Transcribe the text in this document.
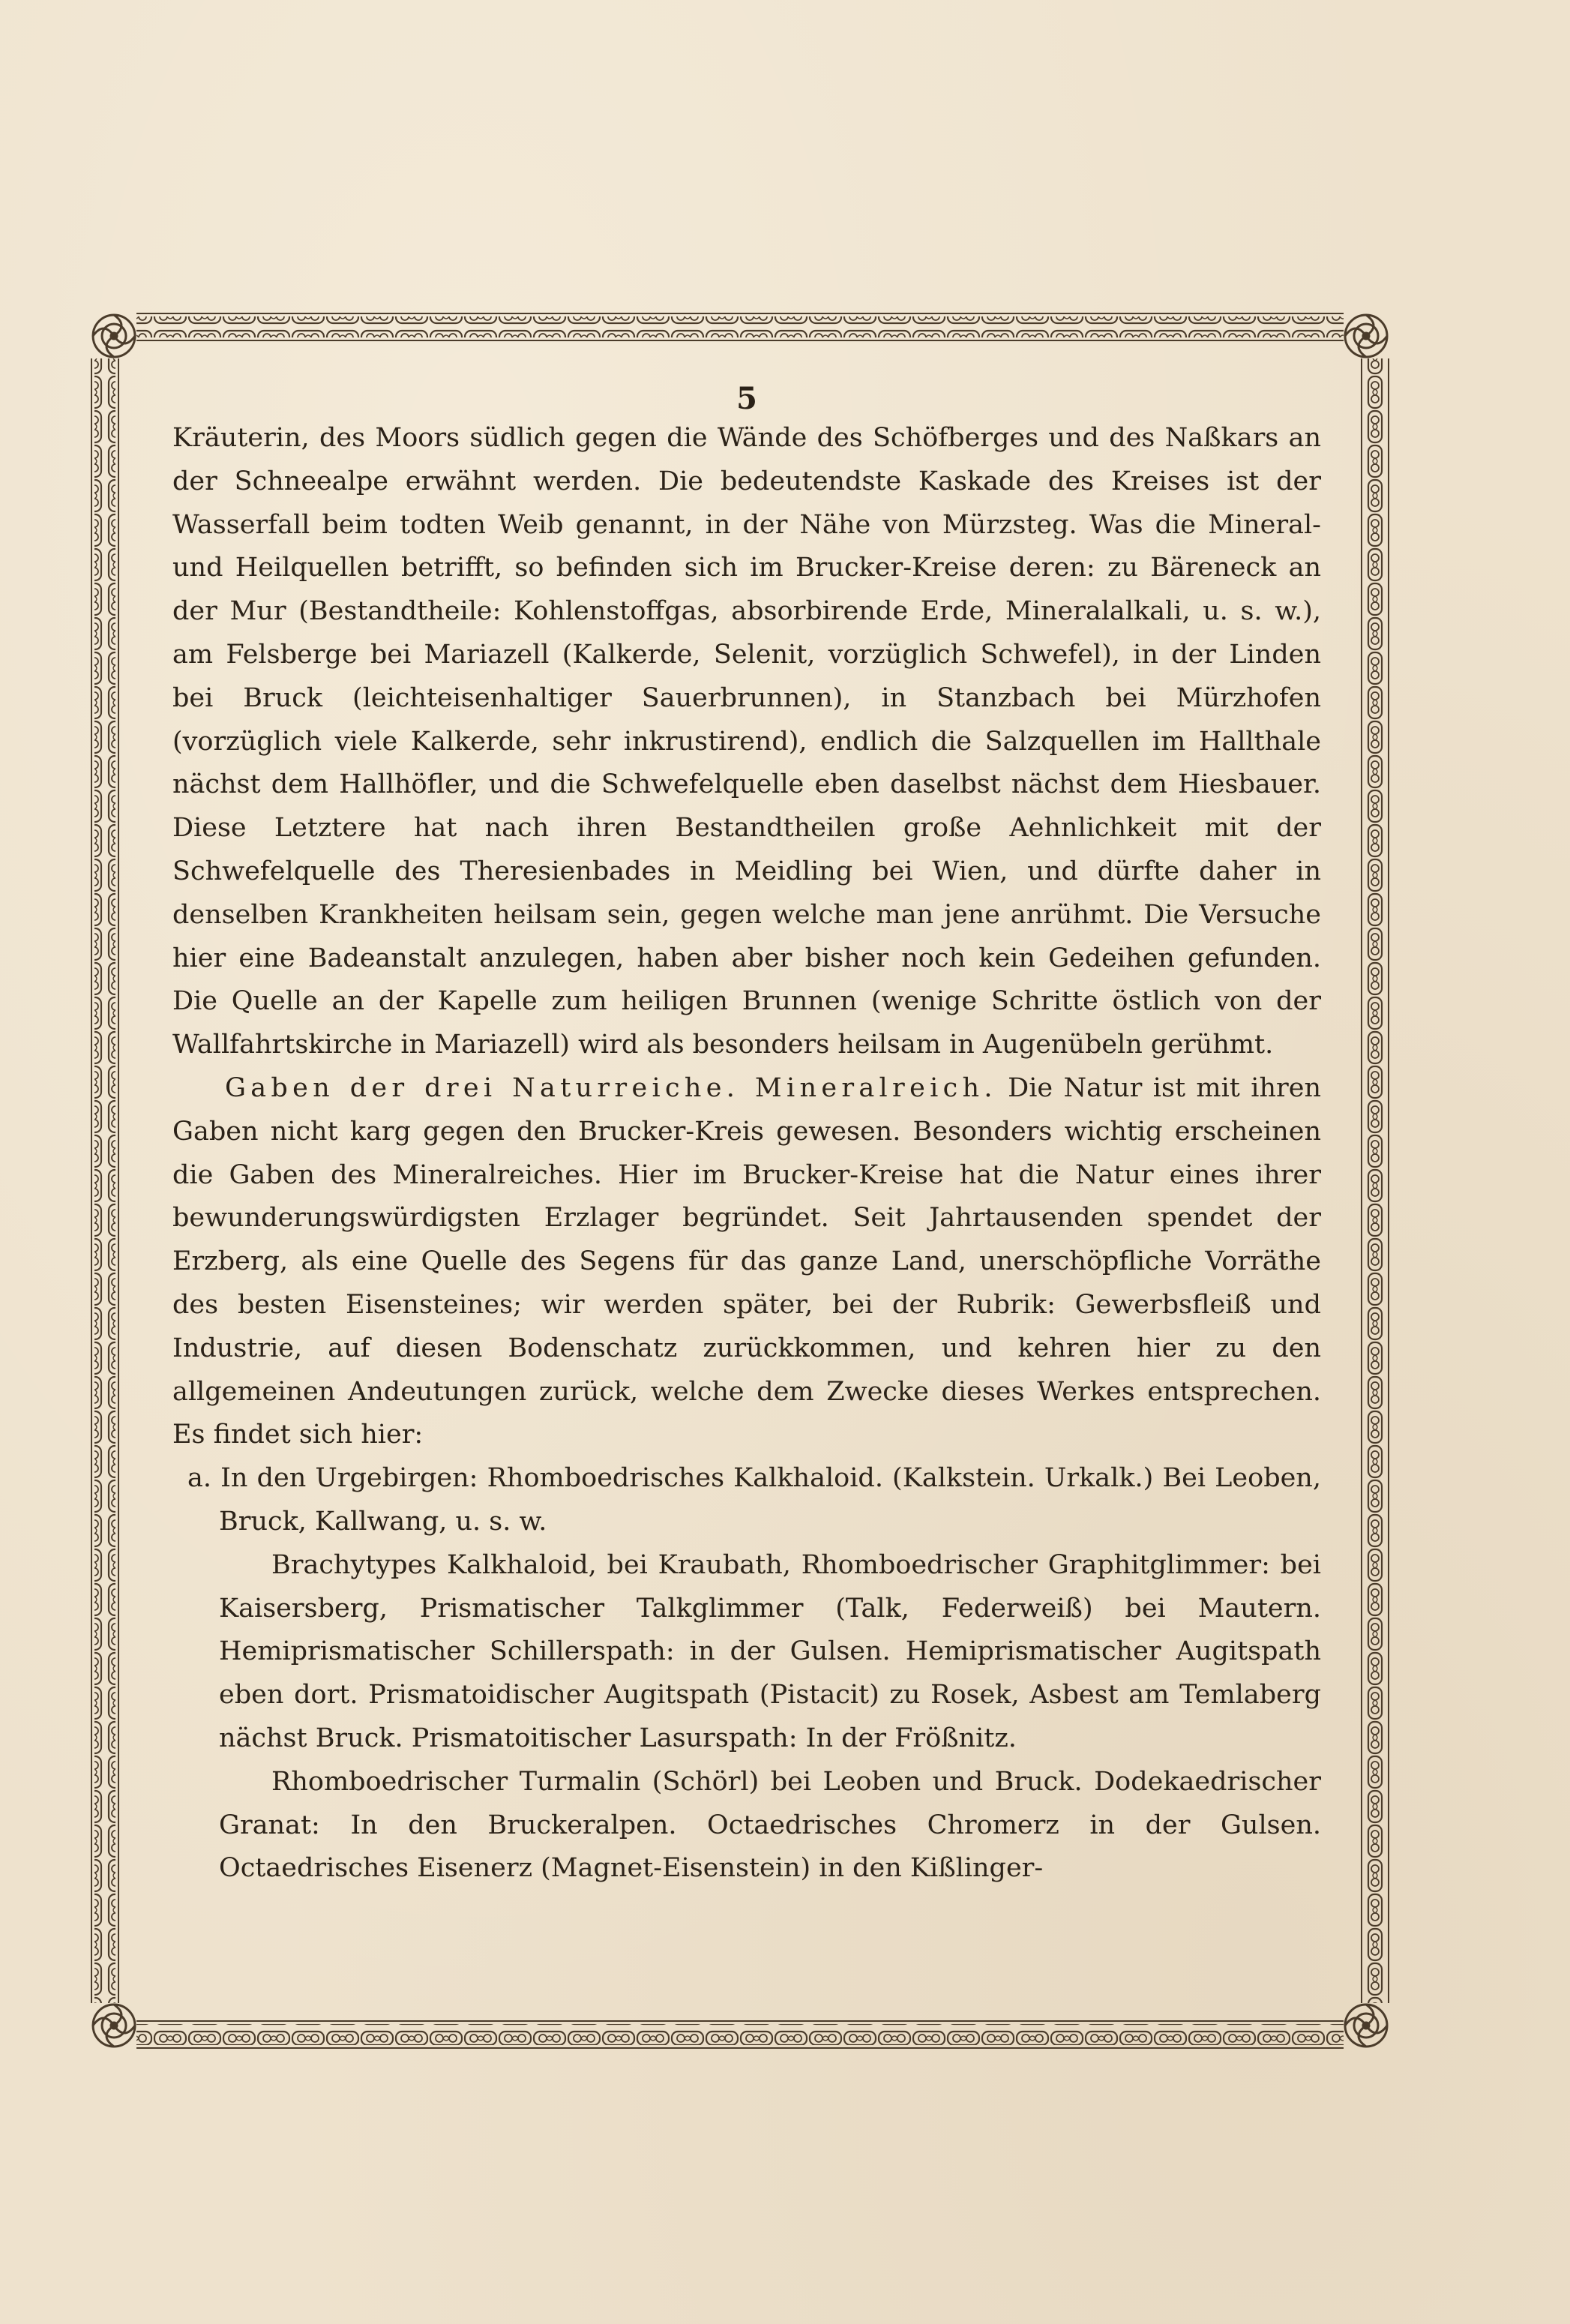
5

Kräuterin, des Moors südlich gegen die Wände des Schöfberges und des Naßkars an der Schneealpe erwähnt werden. Die bedeutendste Kaskade des Kreises ist der Wasserfall beim todten Weib genannt, in der Nähe von Mürzsteg. Was die Mineral- und Heilquellen betrifft, so befinden sich im Brucker-Kreise deren: zu Bäreneck an der Mur (Bestandtheile: Kohlenstoffgas, absorbirende Erde, Mineralalkali, u. s. w.), am Felsberge bei Mariazell (Kalkerde, Selenit, vorzüglich Schwefel), in der Linden bei Bruck (leichteisenhaltiger Sauerbrunnen), in Stanzbach bei Mürzhofen (vorzüglich viele Kalkerde, sehr inkrustirend), endlich die Salzquellen im Hallthale nächst dem Hallhöfler, und die Schwefelquelle eben daselbst nächst dem Hiesbauer. Diese Letztere hat nach ihren Bestandtheilen große Aehnlichkeit mit der Schwefelquelle des Theresienbades in Meidling bei Wien, und dürfte daher in denselben Krankheiten heilsam sein, gegen welche man jene anrühmt. Die Versuche hier eine Badeanstalt anzulegen, haben aber bisher noch kein Gedeihen gefunden. Die Quelle an der Kapelle zum heiligen Brunnen (wenige Schritte östlich von der Wallfahrtskirche in Mariazell) wird als besonders heilsam in Augenübeln gerühmt.

Gaben der drei Naturreiche. Mineralreich. Die Natur ist mit ihren Gaben nicht karg gegen den Brucker-Kreis gewesen. Besonders wichtig erscheinen die Gaben des Mineralreiches. Hier im Brucker-Kreise hat die Natur eines ihrer bewunderungswürdigsten Erzlager begründet. Seit Jahrtausenden spendet der Erzberg, als eine Quelle des Segens für das ganze Land, unerschöpfliche Vorräthe des besten Eisensteines; wir werden später, bei der Rubrik: Gewerbsfleiß und Industrie, auf diesen Bodenschatz zurückkommen, und kehren hier zu den allgemeinen Andeutungen zurück, welche dem Zwecke dieses Werkes entsprechen. Es findet sich hier:

a. In den Urgebirgen: Rhomboedrisches Kalkhaloid. (Kalkstein. Urkalk.) Bei Leoben, Bruck, Kallwang, u. s. w.

Brachytypes Kalkhaloid, bei Kraubath, Rhomboedrischer Graphitglimmer: bei Kaisersberg, Prismatischer Talkglimmer (Talk, Federweiß) bei Mautern. Hemiprismatischer Schillerspath: in der Gulsen. Hemiprismatischer Augitspath eben dort. Prismatoidischer Augitspath (Pistacit) zu Rosek, Asbest am Temlaberg nächst Bruck. Prismatoitischer Lasurspath: In der Frößnitz.

Rhomboedrischer Turmalin (Schörl) bei Leoben und Bruck. Dodekaedrischer Granat: In den Bruckeralpen. Octaedrisches Chromerz in der Gulsen. Octaedrisches Eisenerz (Magnet-Eisenstein) in den Kißlinger-
